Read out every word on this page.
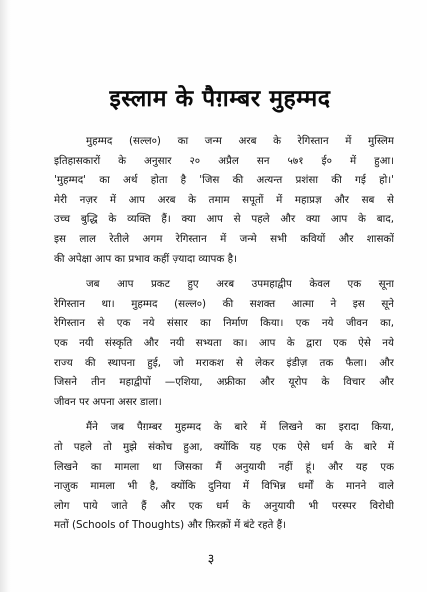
इस्लाम के पैग़म्बर मुहम्मद
मुहम्मद (सल्ल०) का जन्म अरब के रेगिस्तान में मुस्लिम
इतिहासकारों के अनुसार २० अप्रैल सन ५७१ ई० में हुआ।
'मुहम्मद' का अर्थ होता है 'जिस की अत्यन्त प्रशंसा की गई हो।'
मेरी नज़र में आप अरब के तमाम सपूतों में महाप्रज्ञ और सब से
उच्च बुद्धि के व्यक्ति हैं। क्या आप से पहले और क्या आप के बाद,
इस लाल रेतीले अगम रेगिस्तान में जन्मे सभी कवियों और शासकों
की अपेक्षा आप का प्रभाव कहीं ज़्यादा व्यापक है।
जब आप प्रकट हुए अरब उपमहाद्वीप केवल एक सूना
रेगिस्तान था। मुहम्मद (सल्ल०) की सशक्त आत्मा ने इस सूने
रेगिस्तान से एक नये संसार का निर्माण किया। एक नये जीवन का,
एक नयी संस्कृति और नयी सभ्यता का। आप के द्वारा एक ऐसे नये
राज्य की स्थापना हुई, जो मराकश से लेकर इंडीज़ तक फैला। और
जिसने तीन महाद्वीपों —एशिया, अफ्रीका और यूरोप के विचार और
जीवन पर अपना असर डाला।
मैंने जब पैग़म्बर मुहम्मद के बारे में लिखने का इरादा किया,
तो पहले तो मुझे संकोच हुआ, क्योंकि यह एक ऐसे धर्म के बारे में
लिखने का मामला था जिसका मैं अनुयायी नहीं हूं। और यह एक
नाज़ुक मामला भी है, क्योंकि दुनिया में विभिन्न धर्मों के मानने वाले
लोग पाये जाते हैं और एक धर्म के अनुयायी भी परस्पर विरोधी
मतों (Schools of Thoughts) और फ़िरक़ों में बंटे रहते हैं।
३
